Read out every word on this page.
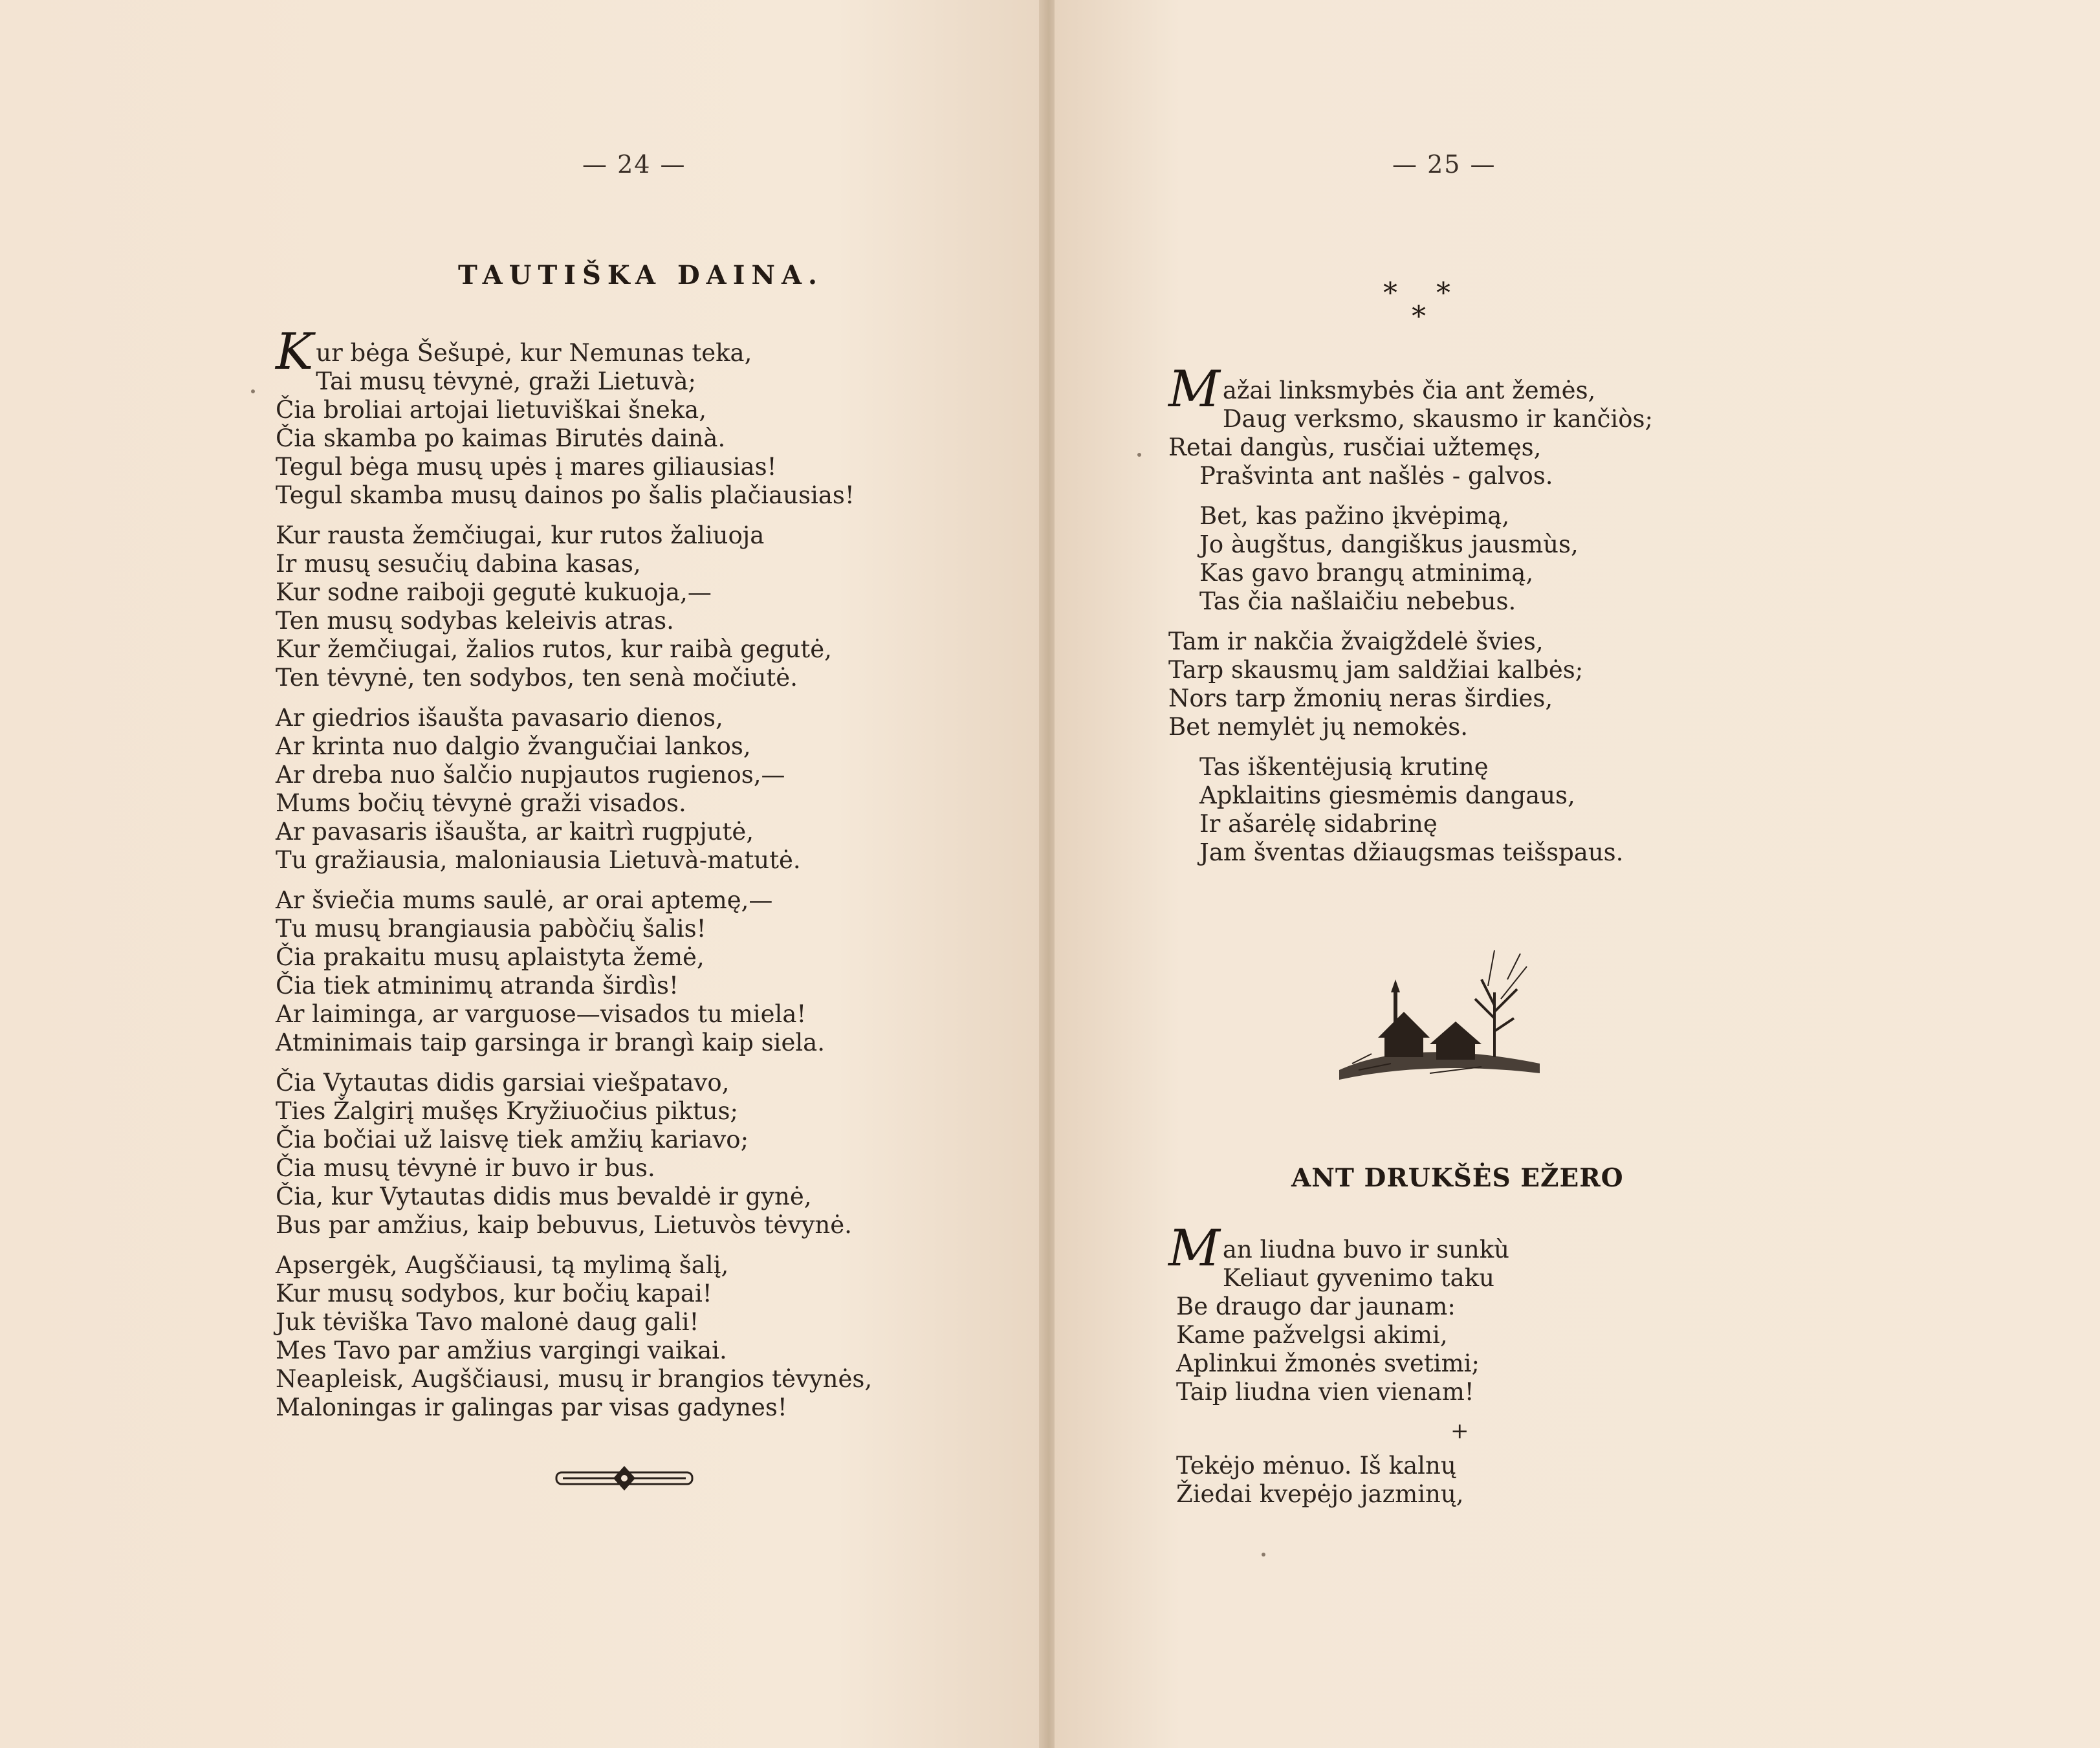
— 24 —	— 25 —
TAUTIŠKA DAINA.
Kur bėga Šešupė, kur Nemunas teka,
Tai musų tėvynė, graži Lietuvà;
Čia broliai artojai lietuviškai šneka,
Čia skamba po kaimas Birutės dainà.
Tegul bėga musų upės į mares giliausias!
Tegul skamba musų dainos po šalis plačiausias!
Kur rausta žemčiugai, kur rutos žaliuoja
Ir musų sesučių dabina kasas,
Kur sodne raiboji gegutė kukuoja,—
Ten musų sodybas keleivis atras.
Kur žemčiugai, žalios rutos, kur raibà gegutė,
Ten tėvynė, ten sodybos, ten senà močiutė.
Ar giedrios išaušta pavasario dienos,
Ar krinta nuo dalgio žvangučiai lankos,
Ar dreba nuo šalčio nupjautos rugienos,—
Mums bočių tėvynė graži visados.
Ar pavasaris išaušta, ar kaitrì rugpjutė,
Tu gražiausia, maloniausia Lietuvà-matutė.
Ar šviečia mums saulė, ar orai aptemę,—
Tu musų brangiausia pabòčių šalis!
Čia prakaitu musų aplaistyta žemė,
Čia tiek atminimų atranda širdìs!
Ar laiminga, ar varguose—visados tu miela!
Atminimais taip garsinga ir brangì kaip siela.
Čia Vytautas didis garsiai viešpatavo,
Ties Žalgirį mušęs Kryžiuočius piktus;
Čia bočiai už laisvę tiek amžių kariavo;
Čia musų tėvynė ir buvo ir bus.
Čia, kur Vytautas didis mus bevaldė ir gynė,
Bus par amžius, kaip bebuvus, Lietuvòs tėvynė.
Apsergėk, Augščiausi, tą mylimą šalį,
Kur musų sodybos, kur bočių kapai!
Juk tėviška Tavo malonė daug gali!
Mes Tavo par amžius vargingi vaikai.
Neapleisk, Augščiausi, musų ir brangios tėvynės,
Maloningas ir galingas par visas gadynes!
* *
*
Mažai linksmybės čia ant žemės,
Daug verksmo, skausmo ir kančiòs;
Retai dangùs, rusčiai užtemęs,
Prašvinta ant našlės - galvos.
Bet, kas pažino įkvėpimą,
Jo àugštus, dangiškus jausmùs,
Kas gavo brangų atminimą,
Tas čia našlaičiu nebebus.
Tam ir nakčia žvaigždelė švies,
Tarp skausmų jam saldžiai kalbės;
Nors tarp žmonių neras širdies,
Bet nemylėt jų nemokės.
Tas iškentėjusią krutinę
Apklaitins giesmėmis dangaus,
Ir ašarėlę sidabrinę
Jam šventas džiaugsmas teišspaus.
ANT DRUKŠĖS EŽERO
Man liudna buvo ir sunkù
Keliaut gyvenimo taku
Be draugo dar jaunam:
Kame pažvelgsi akimi,
Aplinkui žmonės svetimi;
Taip liudna vien vienam!
+
Tekėjo mėnuo. Iš kalnų
Žiedai kvepėjo jazminų,
